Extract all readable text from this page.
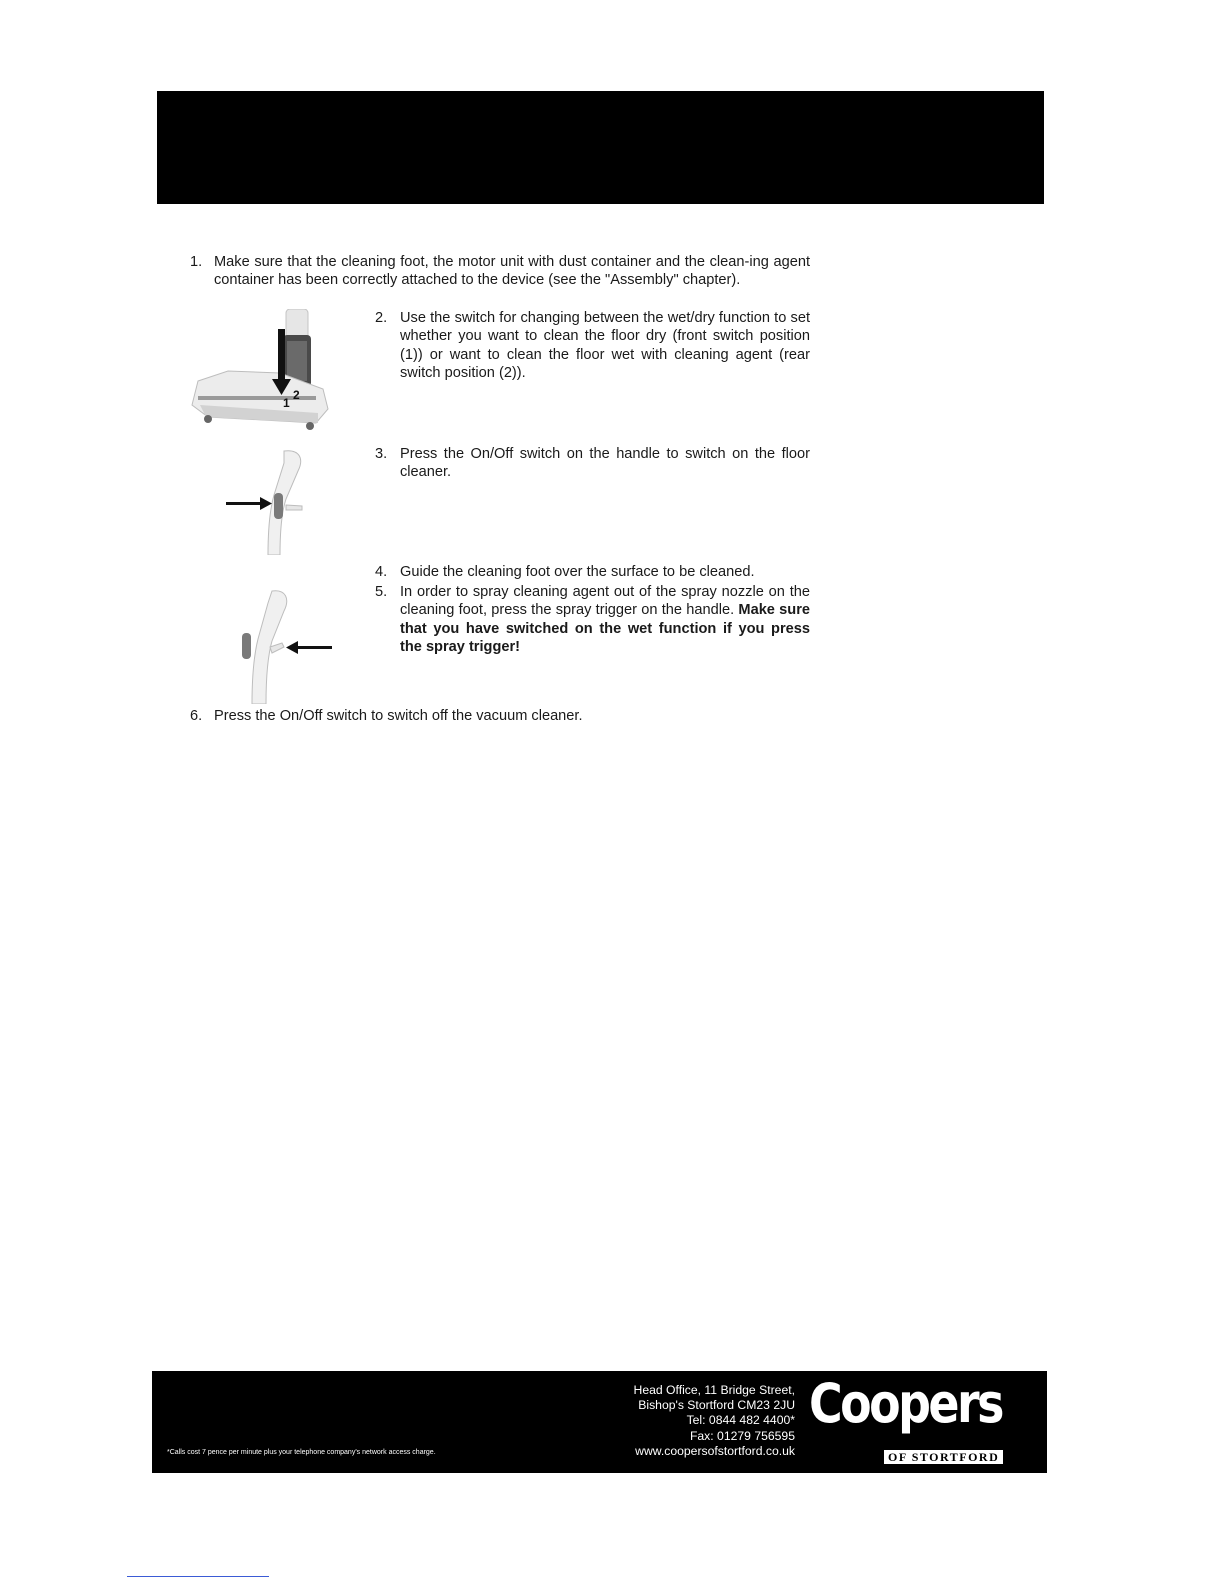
1. Make sure that the cleaning foot, the motor unit with dust container and the clean-ing agent container has been correctly attached to the device (see the "Assembly" chapter).
1
2
2. Use the switch for changing between the wet/dry function to set whether you want to clean the floor dry (front switch position (1)) or want to clean the floor wet with cleaning agent (rear switch position (2)).
3. Press the On/Off switch on the handle to switch on the floor cleaner.
4. Guide the cleaning foot over the surface to be cleaned.
5. In order to spray cleaning agent out of the spray nozzle on the cleaning foot, press the spray trigger on the handle. Make sure that you have switched on the wet function if you press the spray trigger!
6. Press the On/Off switch to switch off the vacuum cleaner.
*Calls cost 7 pence per minute plus your telephone company's network access charge.
Head Office, 11 Bridge Street,
Bishop's Stortford CM23 2JU
Tel: 0844 482 4400*
Fax: 01279 756595
www.coopersofstortford.co.uk
Coopers
OF STORTFORD
